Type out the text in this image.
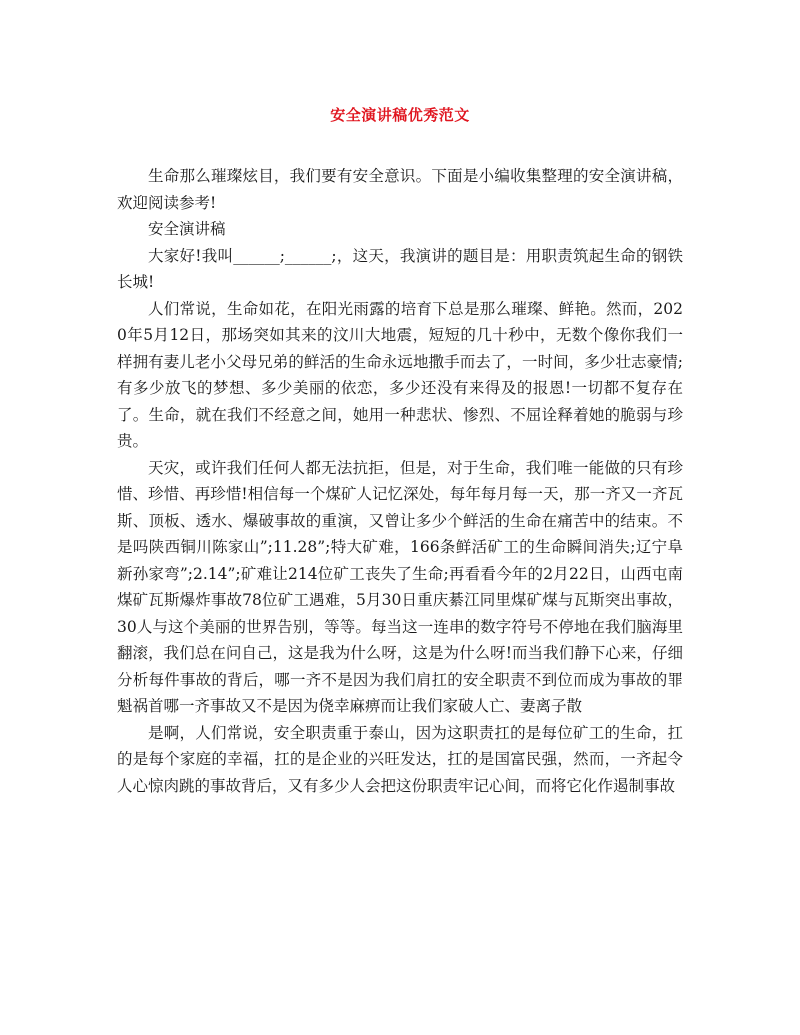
安全演讲稿优秀范文

生命那么璀璨炫目，我们要有安全意识。下面是小编收集整理的安全演讲稿，欢迎阅读参考!

安全演讲稿

大家好!我叫______;______;，这天，我演讲的题目是：用职责筑起生命的钢铁长城!

人们常说，生命如花，在阳光雨露的培育下总是那么璀璨、鲜艳。然而，2020年5月12日，那场突如其来的汶川大地震，短短的几十秒中，无数个像你我们一样拥有妻儿老小父母兄弟的鲜活的生命永远地撒手而去了，一时间，多少壮志豪情;有多少放飞的梦想、多少美丽的依恋，多少还没有来得及的报恩!一切都不复存在了。生命，就在我们不经意之间，她用一种悲状、惨烈、不屈诠释着她的脆弱与珍贵。

天灾，或许我们任何人都无法抗拒，但是，对于生命，我们唯一能做的只有珍惜、珍惜、再珍惜!相信每一个煤矿人记忆深处，每年每月每一天，那一齐又一齐瓦斯、顶板、透水、爆破事故的重演，又曾让多少个鲜活的生命在痛苦中的结束。不是吗陕西铜川陈家山”;11.28”;特大矿难，166条鲜活矿工的生命瞬间消失;辽宁阜新孙家弯”;2.14”;矿难让214位矿工丧失了生命;再看看今年的2月22日，山西屯南煤矿瓦斯爆炸事故78位矿工遇难，5月30日重庆綦江同里煤矿煤与瓦斯突出事故，30人与这个美丽的世界告别，等等。每当这一连串的数字符号不停地在我们脑海里翻滚，我们总在问自己，这是我为什么呀，这是为什么呀!而当我们静下心来，仔细分析每件事故的背后，哪一齐不是因为我们肩扛的安全职责不到位而成为事故的罪魁祸首哪一齐事故又不是因为侥幸麻痹而让我们家破人亡、妻离子散

是啊，人们常说，安全职责重于泰山，因为这职责扛的是每位矿工的生命，扛的是每个家庭的幸福，扛的是企业的兴旺发达，扛的是国富民强，然而，一齐起令人心惊肉跳的事故背后，又有多少人会把这份职责牢记心间，而将它化作遏制事故
